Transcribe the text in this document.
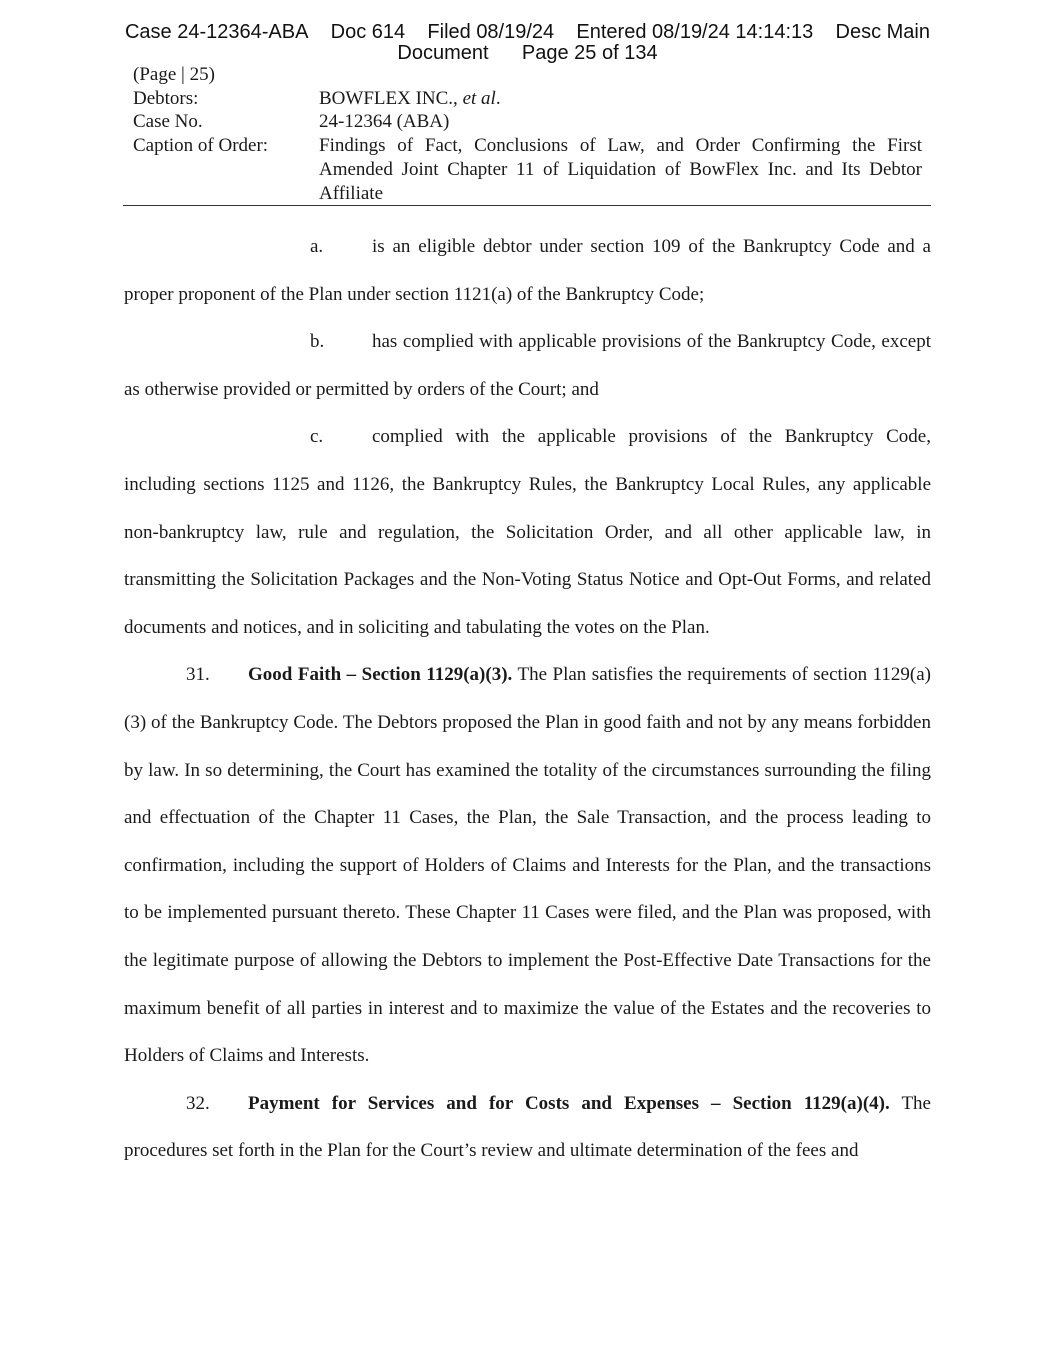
Case 24-12364-ABA Doc 614 Filed 08/19/24 Entered 08/19/24 14:14:13 Desc Main
Document Page 25 of 134
(Page | 25)
Debtors:	BOWFLEX INC., et al.
Case No.	24-12364 (ABA)
Caption of Order:	Findings of Fact, Conclusions of Law, and Order Confirming the First Amended Joint Chapter 11 of Liquidation of BowFlex Inc. and Its Debtor Affiliate

a.	is an eligible debtor under section 109 of the Bankruptcy Code and a proper proponent of the Plan under section 1121(a) of the Bankruptcy Code;

b.	has complied with applicable provisions of the Bankruptcy Code, except as otherwise provided or permitted by orders of the Court; and

c.	complied with the applicable provisions of the Bankruptcy Code, including sections 1125 and 1126, the Bankruptcy Rules, the Bankruptcy Local Rules, any applicable non-bankruptcy law, rule and regulation, the Solicitation Order, and all other applicable law, in transmitting the Solicitation Packages and the Non-Voting Status Notice and Opt-Out Forms, and related documents and notices, and in soliciting and tabulating the votes on the Plan.

31. Good Faith – Section 1129(a)(3). The Plan satisfies the requirements of section 1129(a)(3) of the Bankruptcy Code. The Debtors proposed the Plan in good faith and not by any means forbidden by law. In so determining, the Court has examined the totality of the circumstances surrounding the filing and effectuation of the Chapter 11 Cases, the Plan, the Sale Transaction, and the process leading to confirmation, including the support of Holders of Claims and Interests for the Plan, and the transactions to be implemented pursuant thereto. These Chapter 11 Cases were filed, and the Plan was proposed, with the legitimate purpose of allowing the Debtors to implement the Post-Effective Date Transactions for the maximum benefit of all parties in interest and to maximize the value of the Estates and the recoveries to Holders of Claims and Interests.

32. Payment for Services and for Costs and Expenses – Section 1129(a)(4). The procedures set forth in the Plan for the Court’s review and ultimate determination of the fees and
